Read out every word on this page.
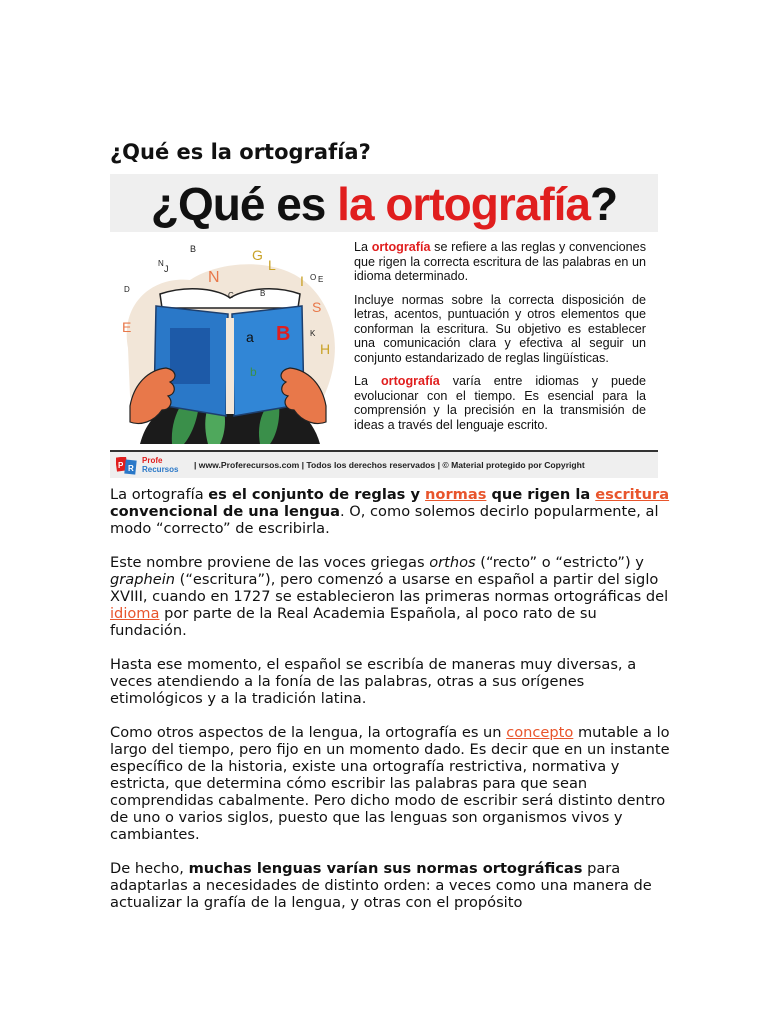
¿Qué es la ortografía?
¿Qué es la ortografía?
B	G
L
N
J
N
E
O
D
C	B
I E
S
K
H
a B
b

La ortografía se refiere a las reglas y convenciones que rigen la correcta escritura de las palabras en un idioma determinado.

Incluye normas sobre la correcta disposición de letras, acentos, puntuación y otros elementos que conforman la escritura. Su objetivo es establecer una comunicación clara y efectiva al seguir un conjunto estandarizado de reglas lingüísticas.

La ortografía varía entre idiomas y puede evolucionar con el tiempo. Es esencial para la comprensión y la precisión en la transmisión de ideas a través del lenguaje escrito.

P R
Profe
Recursos | www.Proferecursos.com | Todos los derechos reservados | © Material protegido por Copyright

La ortografía es el conjunto de reglas y normas que rigen la escritura convencional de una lengua. O, como solemos decirlo popularmente, al modo “correcto” de escribirla.

Este nombre proviene de las voces griegas orthos (“recto” o “estricto”) y graphein (“escritura”), pero comenzó a usarse en español a partir del siglo XVIII, cuando en 1727 se establecieron las primeras normas ortográficas del idioma por parte de la Real Academia Española, al poco rato de su fundación.

Hasta ese momento, el español se escribía de maneras muy diversas, a veces atendiendo a la fonía de las palabras, otras a sus orígenes etimológicos y a la tradición latina.

Como otros aspectos de la lengua, la ortografía es un concepto mutable a lo largo del tiempo, pero fijo en un momento dado. Es decir que en un instante específico de la historia, existe una ortografía restrictiva, normativa y estricta, que determina cómo escribir las palabras para que sean comprendidas cabalmente. Pero dicho modo de escribir será distinto dentro de uno o varios siglos, puesto que las lenguas son organismos vivos y cambiantes.

De hecho, muchas lenguas varían sus normas ortográficas para adaptarlas a necesidades de distinto orden: a veces como una manera de actualizar la grafía de la lengua, y otras con el propósito
